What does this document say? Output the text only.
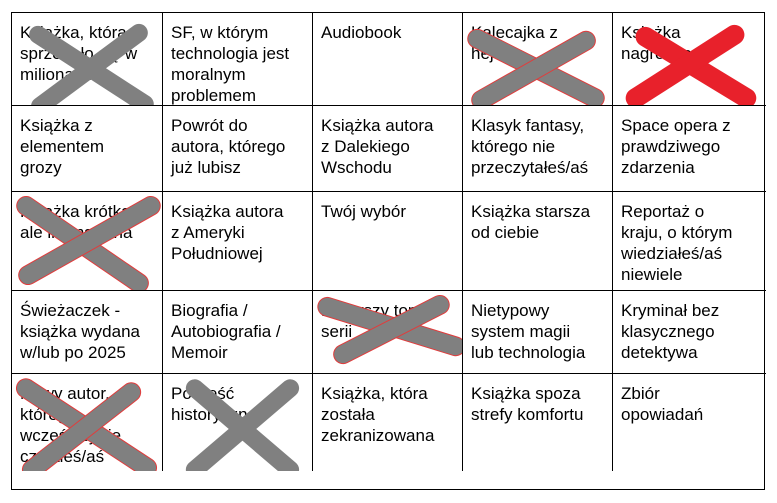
Książka, którą
sprzedało się w
milionach
SF, w którym
technologia jest
moralnym
problemem
Audiobook	Kalecajka z
hejtem
Książka
nagrodzona
Książka z
elementem
grozy
Powrót do
autora, którego
już lubisz
Książka autora
z Dalekiego
Wschodu
Klasyk fantasy,
którego nie
przeczytałeś/aś
Space opera z
prawdziwego
zdarzenia
Książka krótka,
ale intensywna
Książka autora
z Ameryki
Południowej
Twój wybór	Książka starsza
od ciebie
Reportaż o
kraju, o którym
wiedziałeś/aś
niewiele
Świeżaczek -
książka wydana
w/lub po 2025
Biografia /
Autobiografia /
Memoir
Pierwszy tom
serii
Nietypowy
system magii
lub technologia
Kryminał bez
klasycznego
detektywa
Nowy autor,
którego
wcześniej nie
czytałeś/aś
Powieść
historyczna
Książka, która
została
zekranizowana
Książka spoza
strefy komfortu
Zbiór
opowiadań
